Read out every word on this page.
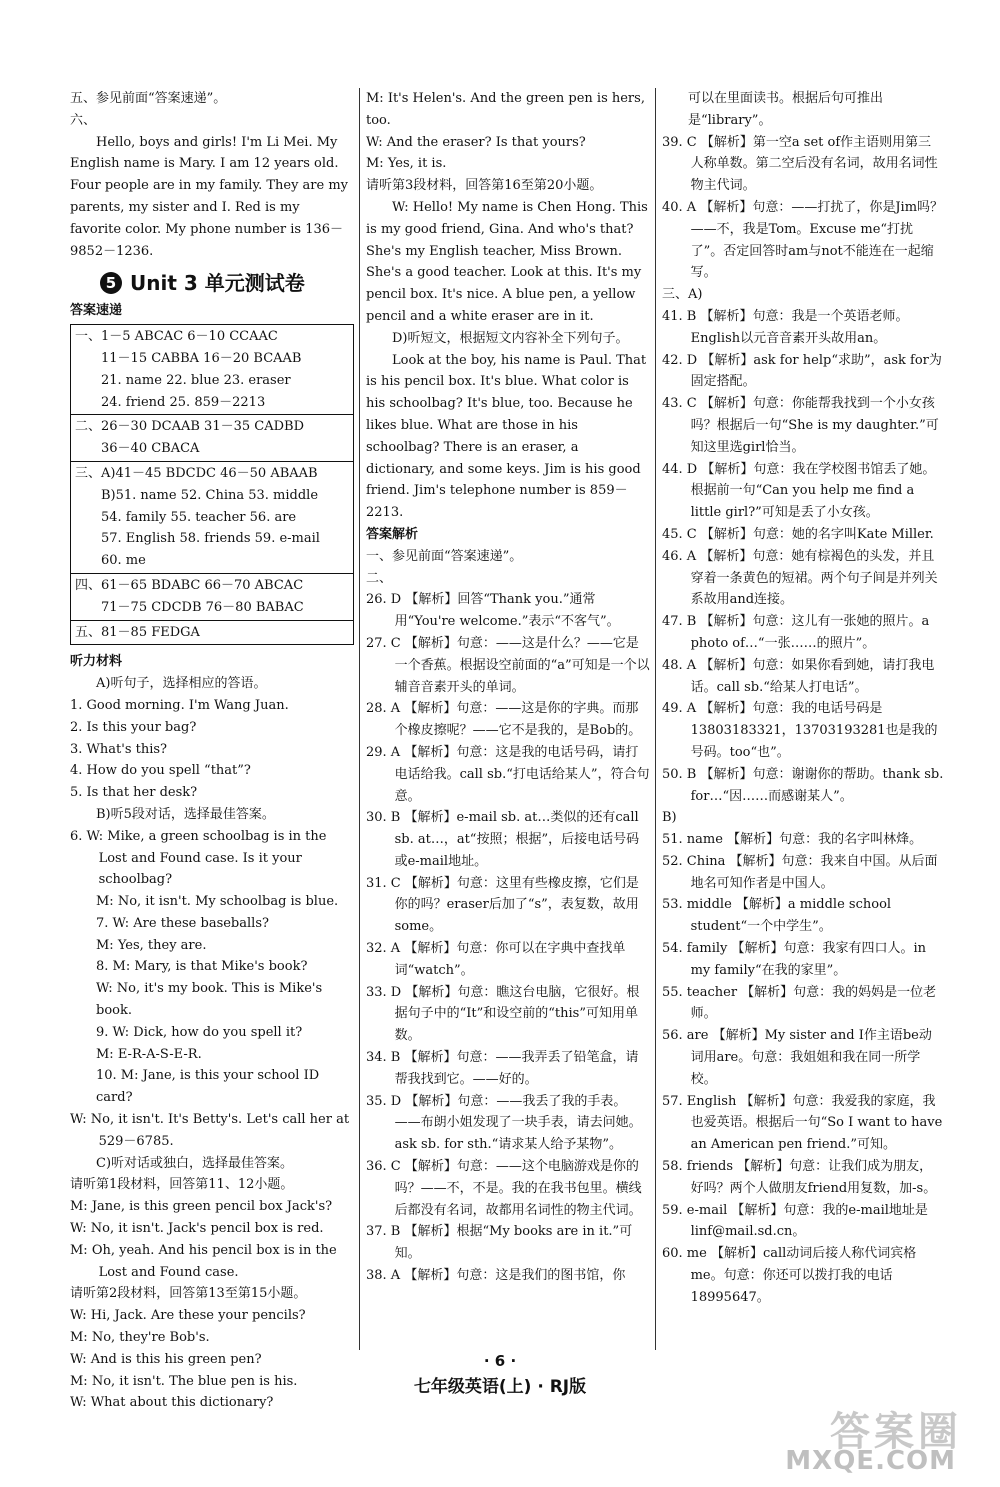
五、参见前面“答案速递”。

六、

Hello, boys and girls! I'm Li Mei. My English name is Mary. I am 12 years old. Four people are in my family. They are my parents, my sister and I. Red is my favorite color. My phone number is 136－9852－1236.

5 Unit 3 单元测试卷
答案速递
一、1－5 ABCAC 6－10 CCAAC
11－15 CABBA 16－20 BCAAB
21. name 22. blue 23. eraser
24. friend 25. 859－2213
二、26－30 DCAAB 31－35 CADBD
36－40 CBACA
三、A)41－45 BDCDC 46－50 ABAAB
B)51. name 52. China 53. middle
54. family 55. teacher 56. are
57. English 58. friends 59. e-mail
60. me
四、61－65 BDABC 66－70 ABCAC
71－75 CDCDB 76－80 BABAC
五、81－85 FEDGA
听力材料

A)听句子，选择相应的答语。

1. Good morning. I'm Wang Juan.

2. Is this your bag?

3. What's this?

4. How do you spell “that”?

5. Is that her desk?

B)听5段对话，选择最佳答案。

6. W: Mike, a green schoolbag is in the Lost and Found case. Is it your schoolbag?

M: No, it isn't. My schoolbag is blue.

7. W: Are these baseballs?

M: Yes, they are.

8. M: Mary, is that Mike's book?

W: No, it's my book. This is Mike's book.

9. W: Dick, how do you spell it?

M: E-R-A-S-E-R.

10. M: Jane, is this your school ID card?

W: No, it isn't. It's Betty's. Let's call her at 529－6785.

C)听对话或独白，选择最佳答案。

请听第1段材料，回答第11、12小题。

M: Jane, is this green pencil box Jack's?

W: No, it isn't. Jack's pencil box is red.

M: Oh, yeah. And his pencil box is in the Lost and Found case.

请听第2段材料，回答第13至第15小题。

W: Hi, Jack. Are these your pencils?

M: No, they're Bob's.

W: And is this his green pen?

M: No, it isn't. The blue pen is his.

W: What about this dictionary?

M: It's Helen's. And the green pen is hers, too.

W: And the eraser? Is that yours?

M: Yes, it is.

请听第3段材料，回答第16至第20小题。

W: Hello! My name is Chen Hong. This is my good friend, Gina. And who's that? She's my English teacher, Miss Brown. She's a good teacher. Look at this. It's my pencil box. It's nice. A blue pen, a yellow pencil and a white eraser are in it.

D)听短文，根据短文内容补全下列句子。

Look at the boy, his name is Paul. That is his pencil box. It's blue. What color is his schoolbag? It's blue, too. Because he likes blue. What are those in his schoolbag? There is an eraser, a dictionary, and some keys. Jim is his good friend. Jim's telephone number is 859－2213.

答案解析

一、参见前面“答案速递”。

二、

26. D 【解析】回答“Thank you.”通常用“You're welcome.”表示“不客气”。

27. C 【解析】句意：——这是什么？——它是一个香蕉。根据设空前面的“a”可知是一个以辅音音素开头的单词。

28. A 【解析】句意：——这是你的字典。而那个橡皮擦呢？——它不是我的，是Bob的。

29. A 【解析】句意：这是我的电话号码，请打电话给我。call sb.“打电话给某人”，符合句意。

30. B 【解析】e-mail sb. at…类似的还有call sb. at…，at“按照；根据”，后接电话号码或e-mail地址。

31. C 【解析】句意：这里有些橡皮擦，它们是你的吗？eraser后加了“s”，表复数，故用some。

32. A 【解析】句意：你可以在字典中查找单词“watch”。

33. D 【解析】句意：瞧这台电脑，它很好。根据句子中的“It”和设空前的“this”可知用单数。

34. B 【解析】句意：——我弄丢了铅笔盒，请帮我找到它。——好的。

35. D 【解析】句意：——我丢了我的手表。——布朗小姐发现了一块手表，请去问她。ask sb. for sth.“请求某人给予某物”。

36. C 【解析】句意：——这个电脑游戏是你的吗？——不，不是。我的在我书包里。横线后都没有名词，故都用名词性的物主代词。

37. B 【解析】根据“My books are in it.”可知。

38. A 【解析】句意：这是我们的图书馆，你

可以在里面读书。根据后句可推出是“library”。

39. C 【解析】第一空a set of作主语则用第三人称单数。第二空后没有名词，故用名词性物主代词。

40. A 【解析】句意：——打扰了，你是Jim吗？——不，我是Tom。Excuse me“打扰了”。否定回答时am与not不能连在一起缩写。

三、A)

41. B 【解析】句意：我是一个英语老师。English以元音音素开头故用an。

42. D 【解析】ask for help“求助”，ask for为固定搭配。

43. C 【解析】句意：你能帮我找到一个小女孩吗？根据后一句“She is my daughter.”可知这里选girl恰当。

44. D 【解析】句意：我在学校图书馆丢了她。根据前一句“Can you help me find a little girl?”可知是丢了小女孩。

45. C 【解析】句意：她的名字叫Kate Miller.

46. A 【解析】句意：她有棕褐色的头发，并且穿着一条黄色的短裙。两个句子间是并列关系故用and连接。

47. B 【解析】句意：这儿有一张她的照片。a photo of…“一张……的照片”。

48. A 【解析】句意：如果你看到她，请打我电话。call sb.“给某人打电话”。

49. A 【解析】句意：我的电话号码是13803183321，13703193281也是我的号码。too“也”。

50. B 【解析】句意：谢谢你的帮助。thank sb. for…“因……而感谢某人”。

B)

51. name 【解析】句意：我的名字叫林烽。

52. China 【解析】句意：我来自中国。从后面地名可知作者是中国人。

53. middle 【解析】a middle school student“一个中学生”。

54. family 【解析】句意：我家有四口人。in my family“在我的家里”。

55. teacher 【解析】句意：我的妈妈是一位老师。

56. are 【解析】My sister and I作主语be动词用are。句意：我姐姐和我在同一所学校。

57. English 【解析】句意：我爱我的家庭，我也爱英语。根据后一句“So I want to have an American pen friend.”可知。

58. friends 【解析】句意：让我们成为朋友，好吗？两个人做朋友friend用复数，加-s。

59. e-mail 【解析】句意：我的e-mail地址是linf@mail.sd.cn。

60. me 【解析】call动词后接人称代词宾格me。句意：你还可以拨打我的电话18995647。

· 6 ·
七年级英语(上) · RJ版
答案圈
MXQE.COM
